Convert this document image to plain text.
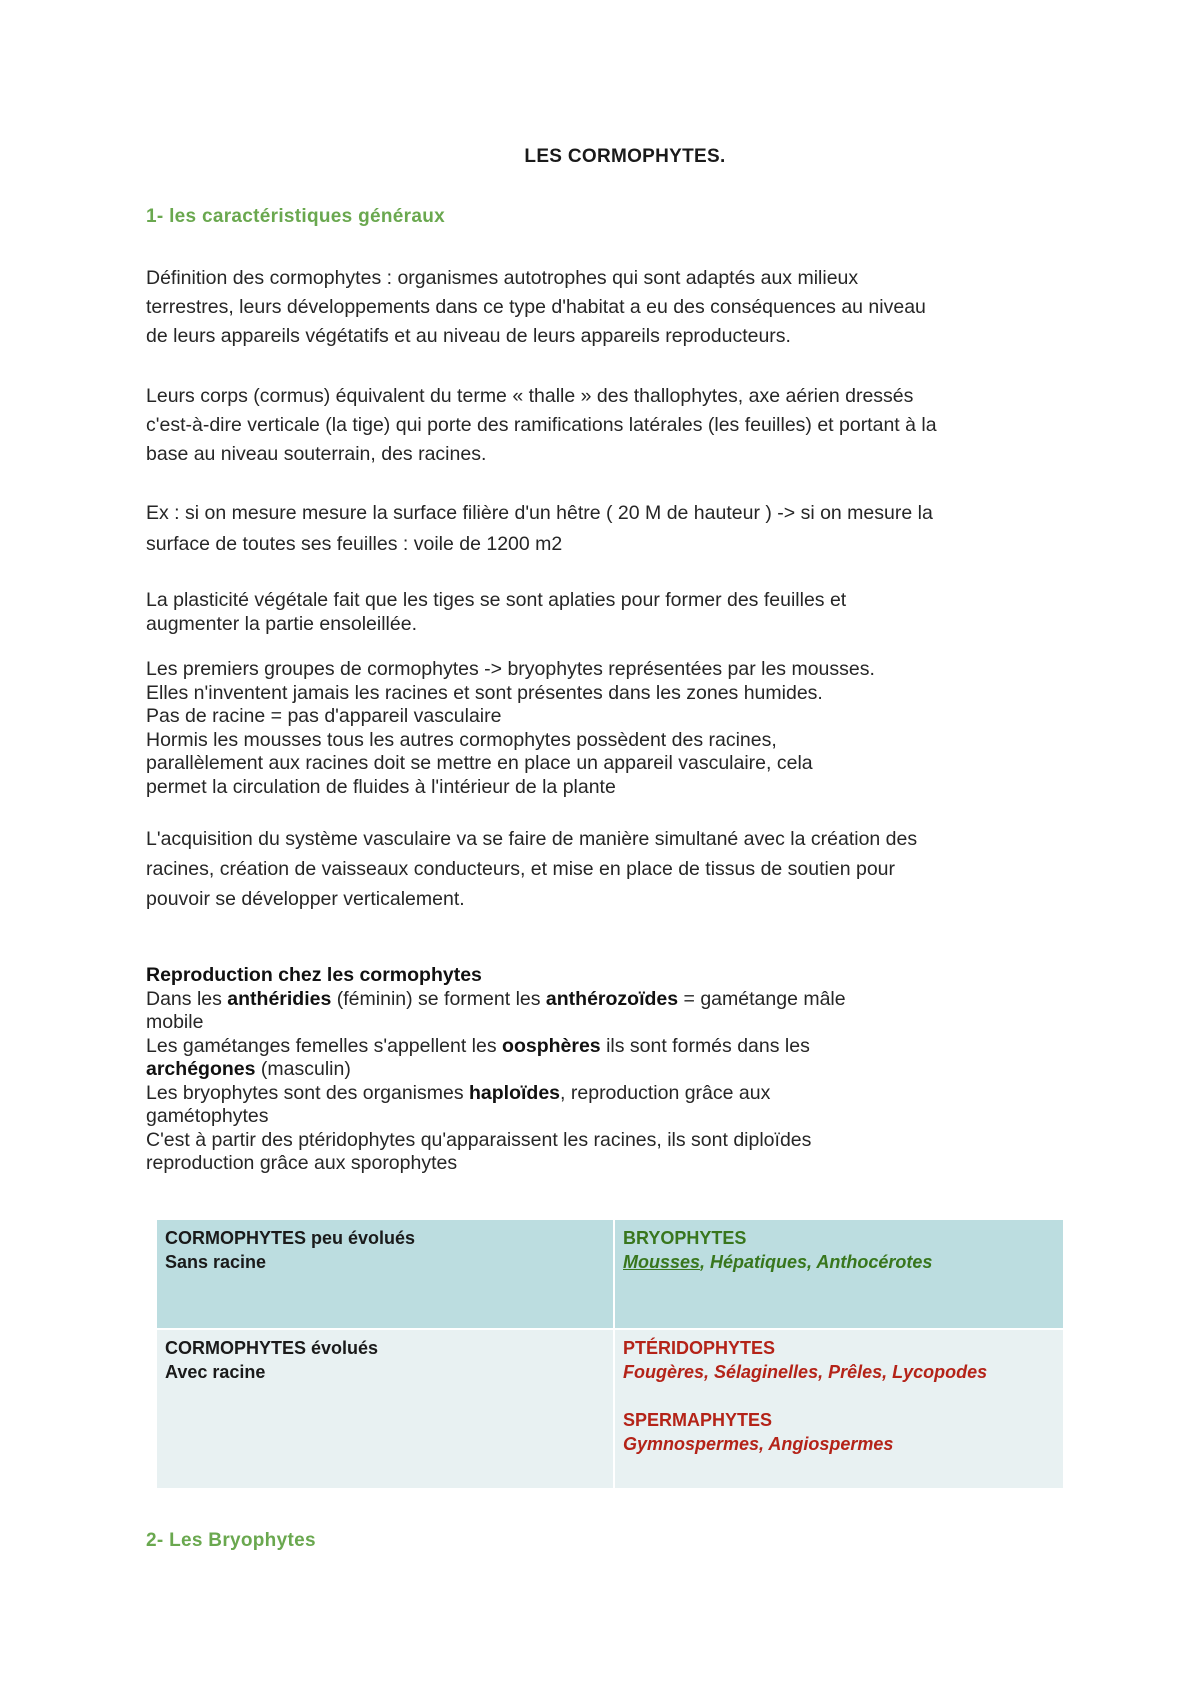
LES CORMOPHYTES.
1- les caractéristiques généraux
Définition des cormophytes : organismes autotrophes qui sont adaptés aux milieux
terrestres, leurs développements dans ce type d'habitat a eu des conséquences au niveau
de leurs appareils végétatifs et au niveau de leurs appareils reproducteurs.
Leurs corps (cormus) équivalent du terme « thalle » des thallophytes, axe aérien dressés
c'est-à-dire verticale (la tige) qui porte des ramifications latérales (les feuilles) et portant à la
base au niveau souterrain, des racines.
Ex : si on mesure mesure la surface filière d'un hêtre ( 20 M de hauteur ) -> si on mesure la
surface de toutes ses feuilles : voile de 1200 m2
La plasticité végétale fait que les tiges se sont aplaties pour former des feuilles et
augmenter la partie ensoleillée.
Les premiers groupes de cormophytes -> bryophytes représentées par les mousses.
Elles n'inventent jamais les racines et sont présentes dans les zones humides.
Pas de racine = pas d'appareil vasculaire
Hormis les mousses tous les autres cormophytes possèdent des racines,
parallèlement aux racines doit se mettre en place un appareil vasculaire, cela
permet la circulation de fluides à l'intérieur de la plante
L'acquisition du système vasculaire va se faire de manière simultané avec la création des
racines, création de vaisseaux conducteurs, et mise en place de tissus de soutien pour
pouvoir se développer verticalement.
Reproduction chez les cormophytes
Dans les anthéridies (féminin) se forment les anthérozoïdes = gamétange mâle
mobile
Les gamétanges femelles s'appellent les oosphères ils sont formés dans les
archégones (masculin)
Les bryophytes sont des organismes haploïdes, reproduction grâce aux
gamétophytes
C'est à partir des ptéridophytes qu'apparaissent les racines, ils sont diploïdes
reproduction grâce aux sporophytes
CORMOPHYTES peu évolués
Sans racine	BRYOPHYTES
Mousses, Hépatiques, Anthocérotes

CORMOPHYTES évolués
Avec racine	PTÉRIDOPHYTES
Fougères, Sélaginelles, Prêles, Lycopodes
SPERMAPHYTES
Gymnospermes, Angiospermes
2- Les Bryophytes
